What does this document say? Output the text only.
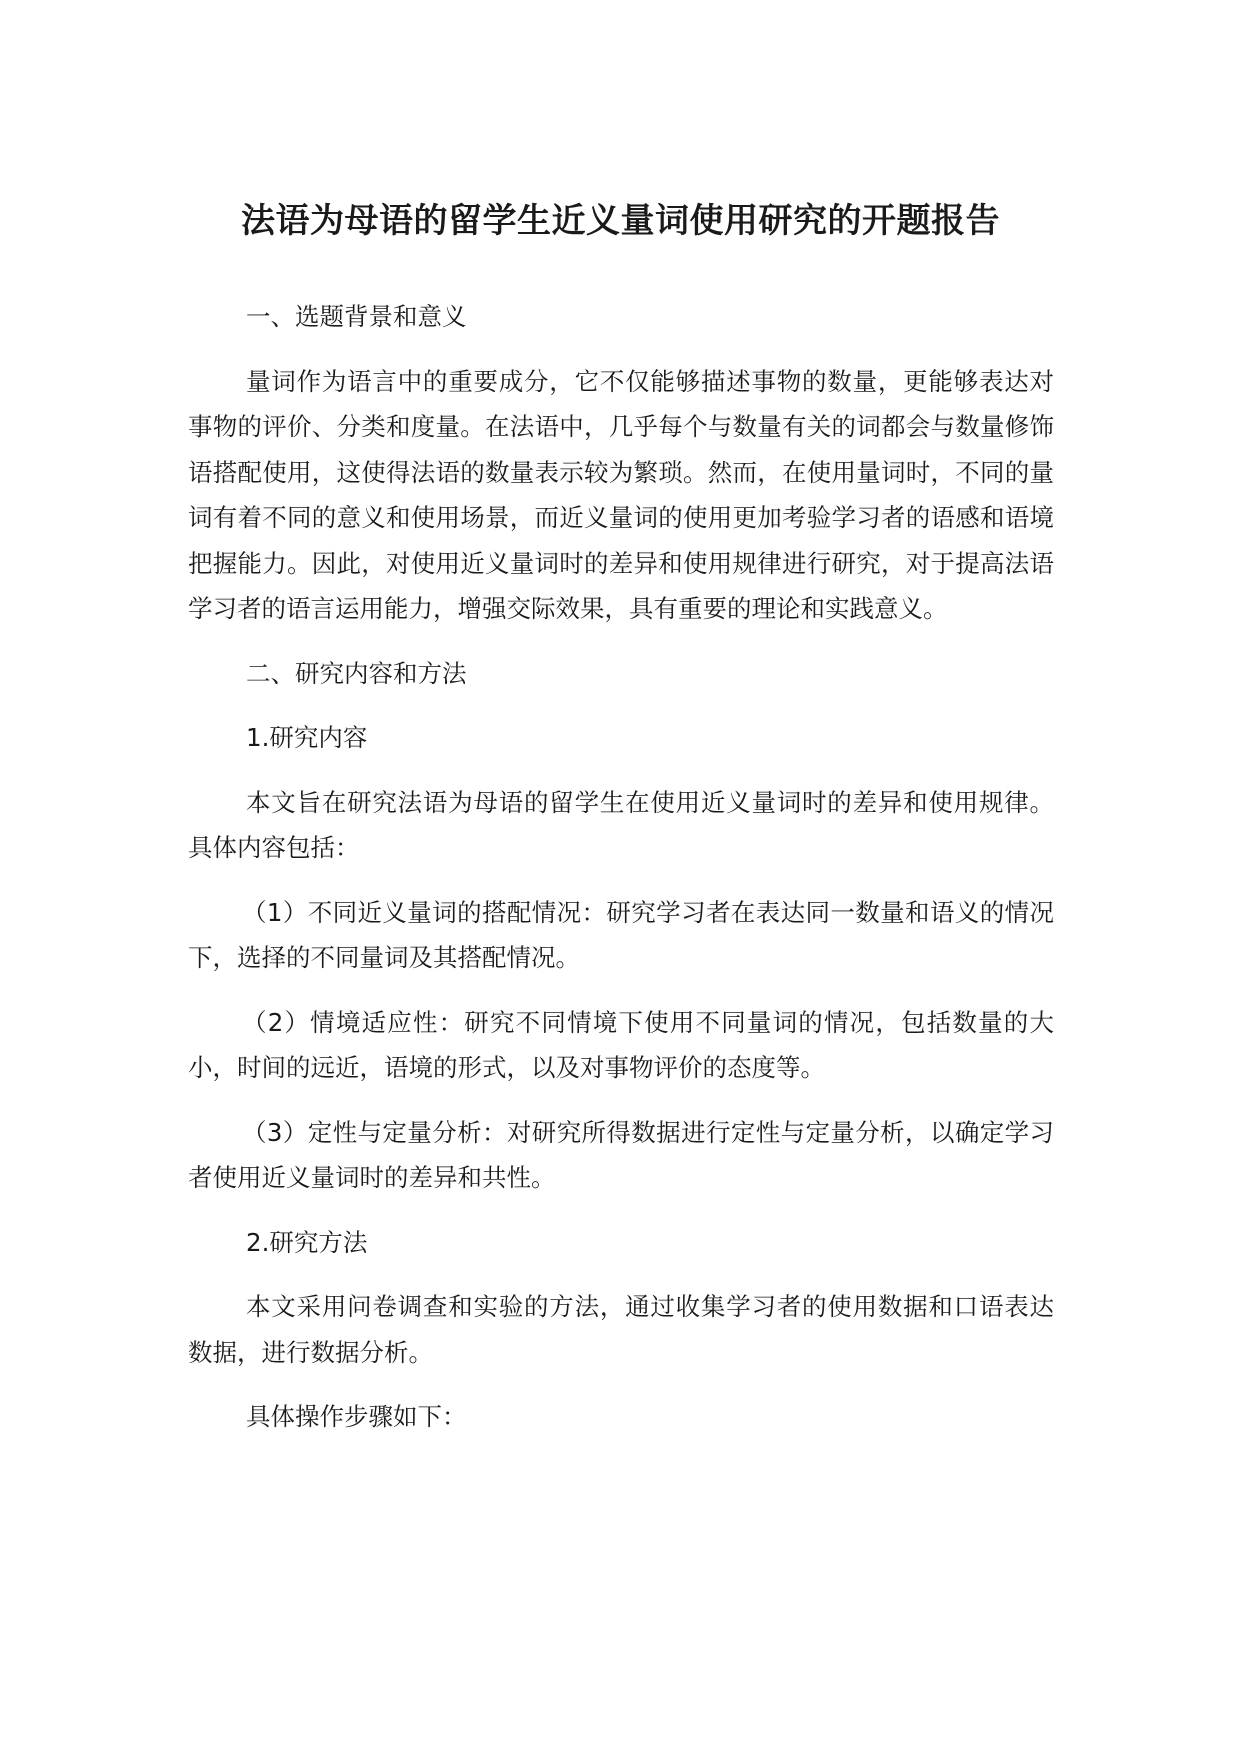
法语为母语的留学生近义量词使用研究的开题报告

一、选题背景和意义

量词作为语言中的重要成分，它不仅能够描述事物的数量，更能够表达对事物的评价、分类和度量。在法语中，几乎每个与数量有关的词都会与数量修饰语搭配使用，这使得法语的数量表示较为繁琐。然而，在使用量词时，不同的量词有着不同的意义和使用场景，而近义量词的使用更加考验学习者的语感和语境把握能力。因此，对使用近义量词时的差异和使用规律进行研究，对于提高法语学习者的语言运用能力，增强交际效果，具有重要的理论和实践意义。

二、研究内容和方法

1.研究内容

本文旨在研究法语为母语的留学生在使用近义量词时的差异和使用规律。具体内容包括：

（1）不同近义量词的搭配情况：研究学习者在表达同一数量和语义的情况下，选择的不同量词及其搭配情况。

（2）情境适应性：研究不同情境下使用不同量词的情况，包括数量的大小，时间的远近，语境的形式，以及对事物评价的态度等。

（3）定性与定量分析：对研究所得数据进行定性与定量分析，以确定学习者使用近义量词时的差异和共性。

2.研究方法

本文采用问卷调查和实验的方法，通过收集学习者的使用数据和口语表达数据，进行数据分析。

具体操作步骤如下：
